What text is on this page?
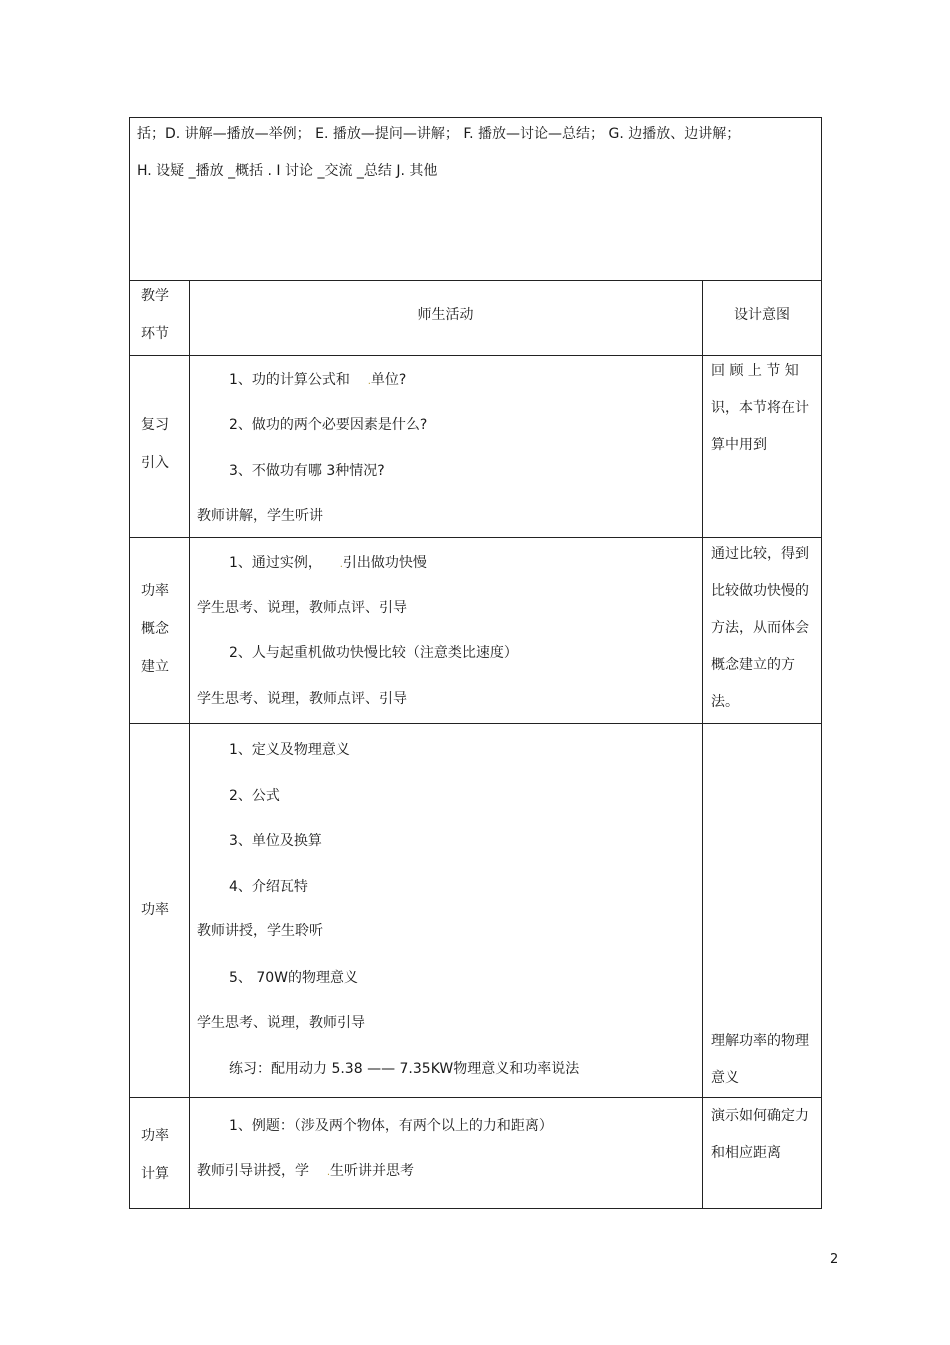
括；D. 讲解—播放—举例； E. 播放—提问—讲解； F. 播放—讨论—总结； G. 边播放、边讲解；
H. 设疑 _播放 _概括 . I 讨论 _交流 _总结 J. 其他
教学
环节
师生活动	设计意图
复习
引入
1、功的计算公式和 .单位?
2、做功的两个必要因素是什么?
3、不做功有哪 3种情况?
教师讲解，学生听讲
回 顾 上 节 知 识，本节将在计算中用到
功率
概念
建立
1、通过实例， .引出做功快慢
学生思考、说理，教师点评、引导
2、人与起重机做功快慢比较（注意类比速度）
学生思考、说理，教师点评、引导
通过比较，得到比较做功快慢的方法，从而体会概念建立的方法。
功率
1、定义及物理意义
2、公式
3、单位及换算
4、介绍瓦特
教师讲授，学生聆听
5、 70W的物理意义
学生思考、说理，教师引导
练习：配用动力 5.38 —— 7.35KW物理意义和功率说法
理解功率的物理意义
功率
计算
1、例题：（涉及两个物体，有两个以上的力和距离）
教师引导讲授，学 .生听讲并思考
演示如何确定力和相应距离
2
